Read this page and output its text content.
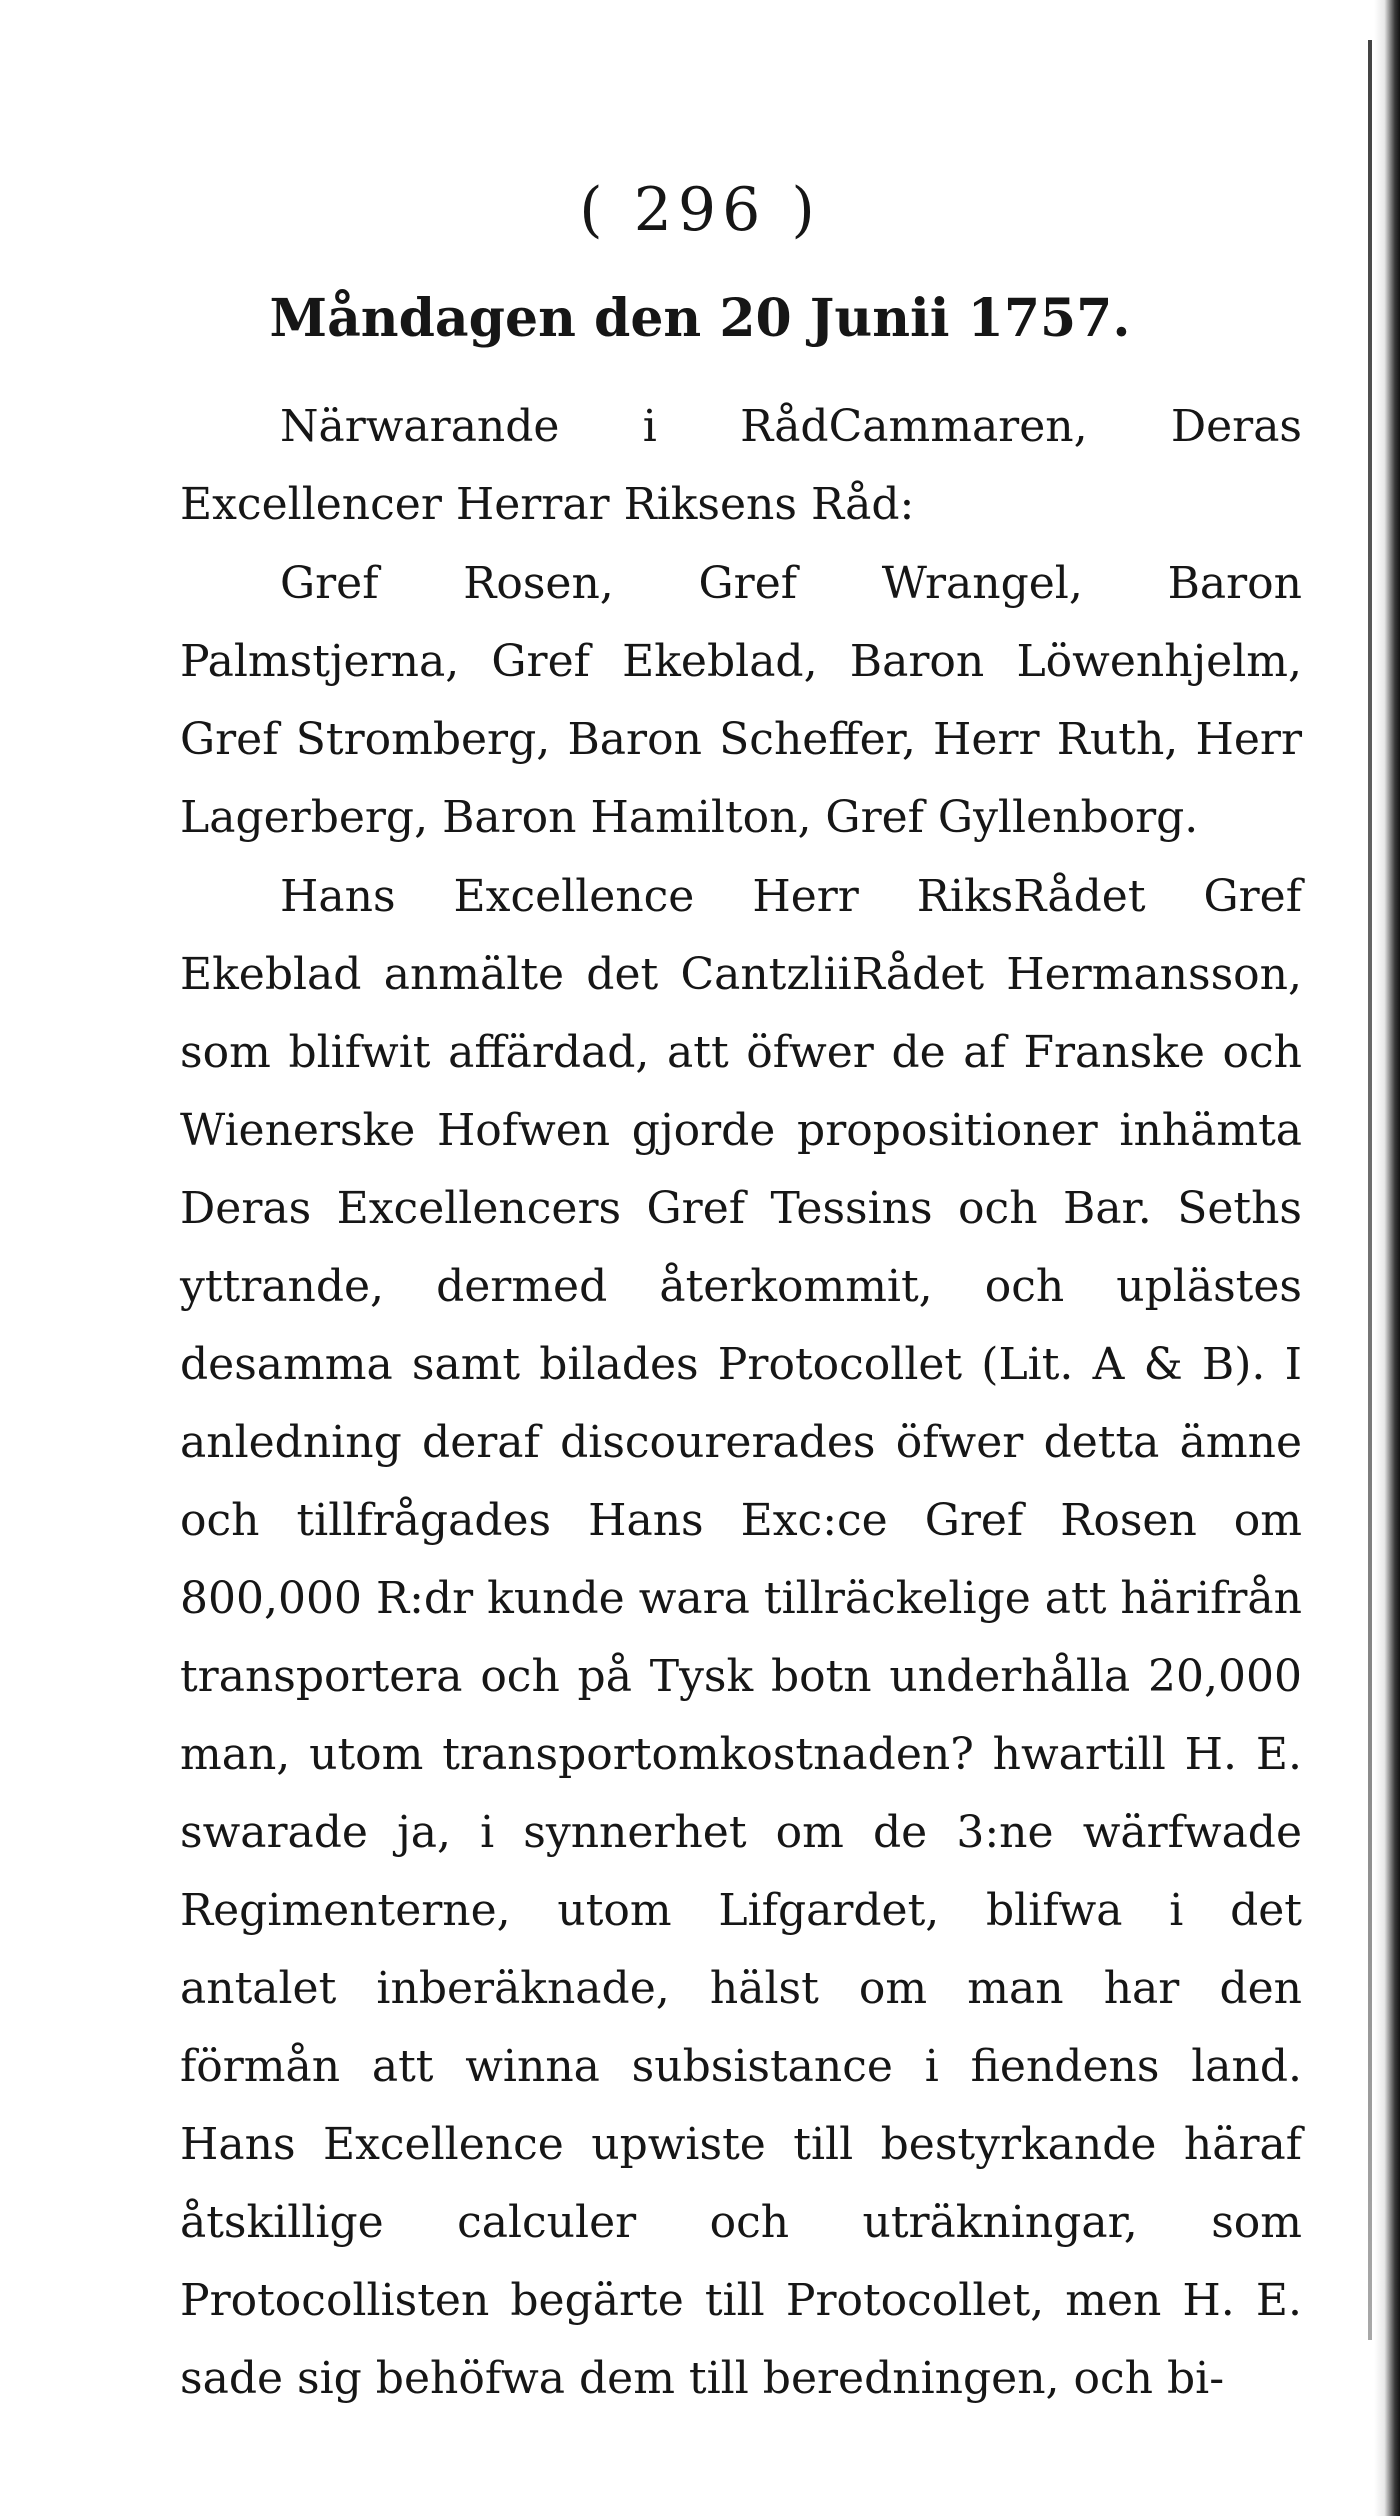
( 296 )
Måndagen den 20 Junii 1757.
Närwarande i RådCammaren, Deras Excellencer Herrar Riksens Råd:
Gref Rosen, Gref Wrangel, Baron Palmstjerna, Gref Ekeblad, Baron Löwenhjelm, Gref Stromberg, Baron Scheffer, Herr Ruth, Herr Lagerberg, Baron Hamilton, Gref Gyllenborg.
Hans Excellence Herr RiksRådet Gref Ekeblad anmälte det CantzliiRådet Hermansson, som blifwit affärdad, att öfwer de af Franske och Wienerske Hofwen gjorde propositioner inhämta Deras Excellencers Gref Tessins och Bar. Seths yttrande, dermed återkommit, och uplästes desamma samt bilades Protocollet (Lit. A & B). I anledning deraf discourerades öfwer detta ämne och tillfrågades Hans Exc:ce Gref Rosen om 800,000 R:dr kunde wara tillräckelige att härifrån transportera och på Tysk botn underhålla 20,000 man, utom transportomkostnaden? hwartill H. E. swarade ja, i synnerhet om de 3:ne wärfwade Regimenterne, utom Lifgardet, blifwa i det antalet inberäknade, hälst om man har den förmån att winna subsistance i fiendens land. Hans Excellence upwiste till bestyrkande häraf åtskillige calculer och uträkningar, som Protocollisten begärte till Protocollet, men H. E. sade sig behöfwa dem till beredningen, och bi-
